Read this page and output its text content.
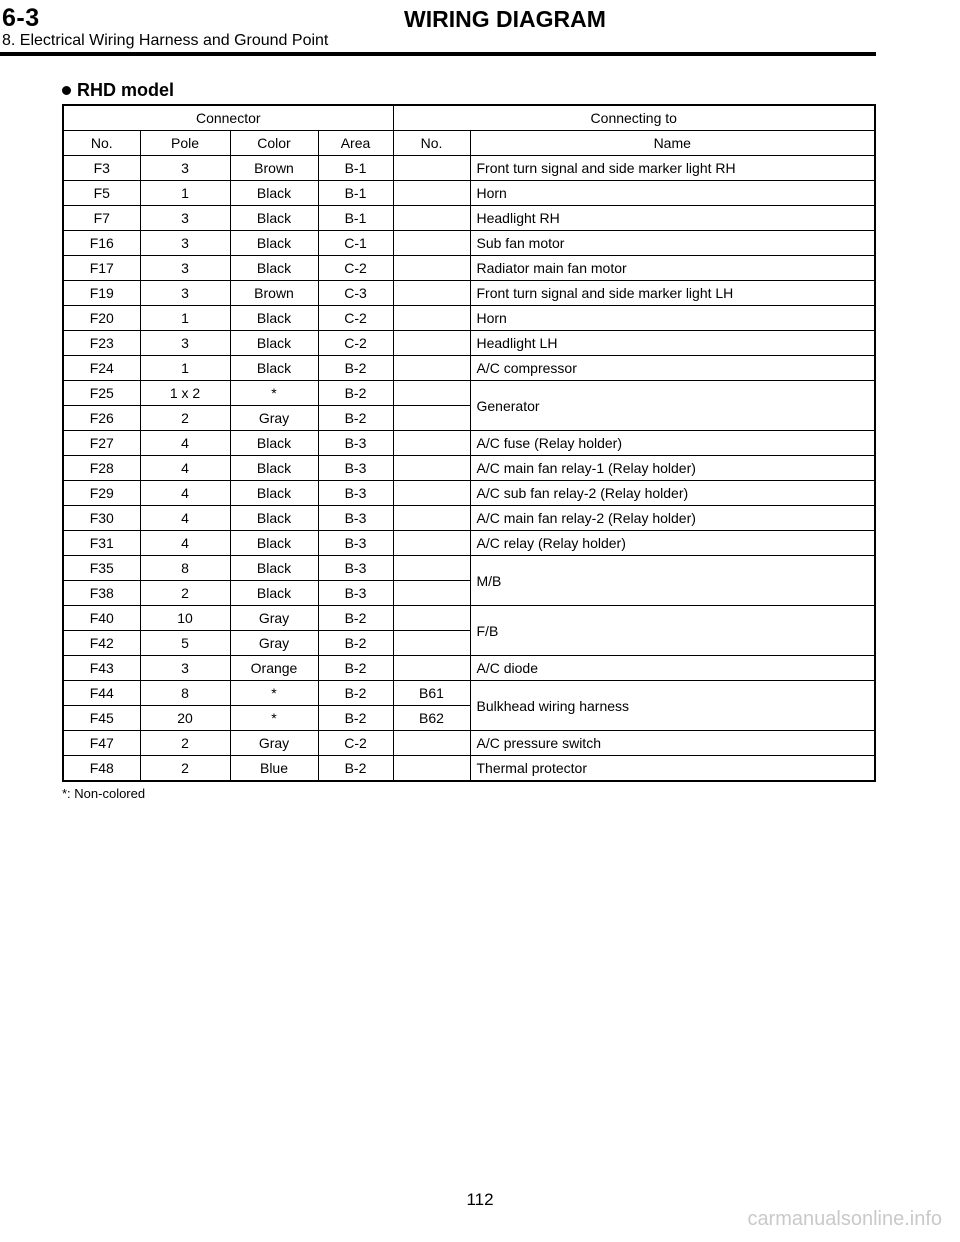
6-3	WIRING DIAGRAM
8. Electrical Wiring Harness and Ground Point
RHD model
Connector				Connecting to	
No.	Pole	Color	Area	No.	Name
F3	3	Brown	B-1		Front turn signal and side marker light RH
F5	1	Black	B-1		Horn
F7	3	Black	B-1		Headlight RH
F16	3	Black	C-1		Sub fan motor
F17	3	Black	C-2		Radiator main fan motor
F19	3	Brown	C-3		Front turn signal and side marker light LH
F20	1	Black	C-2		Horn
F23	3	Black	C-2		Headlight LH
F24	1	Black	B-2		A/C compressor
F25	1 x 2	*	B-2		Generator
F26	2	Gray	B-2		
F27	4	Black	B-3		A/C fuse (Relay holder)
F28	4	Black	B-3		A/C main fan relay-1 (Relay holder)
F29	4	Black	B-3		A/C sub fan relay-2 (Relay holder)
F30	4	Black	B-3		A/C main fan relay-2 (Relay holder)
F31	4	Black	B-3		A/C relay (Relay holder)
F35	8	Black	B-3		M/B
F38	2	Black	B-3		
F40	10	Gray	B-2		F/B
F42	5	Gray	B-2		
F43	3	Orange	B-2		A/C diode
F44	8	*	B-2	B61	Bulkhead wiring harness
F45	20	*	B-2	B62	
F47	2	Gray	C-2		A/C pressure switch
F48	2	Blue	B-2		Thermal protector
*: Non-colored
112
carmanualsonline.info
